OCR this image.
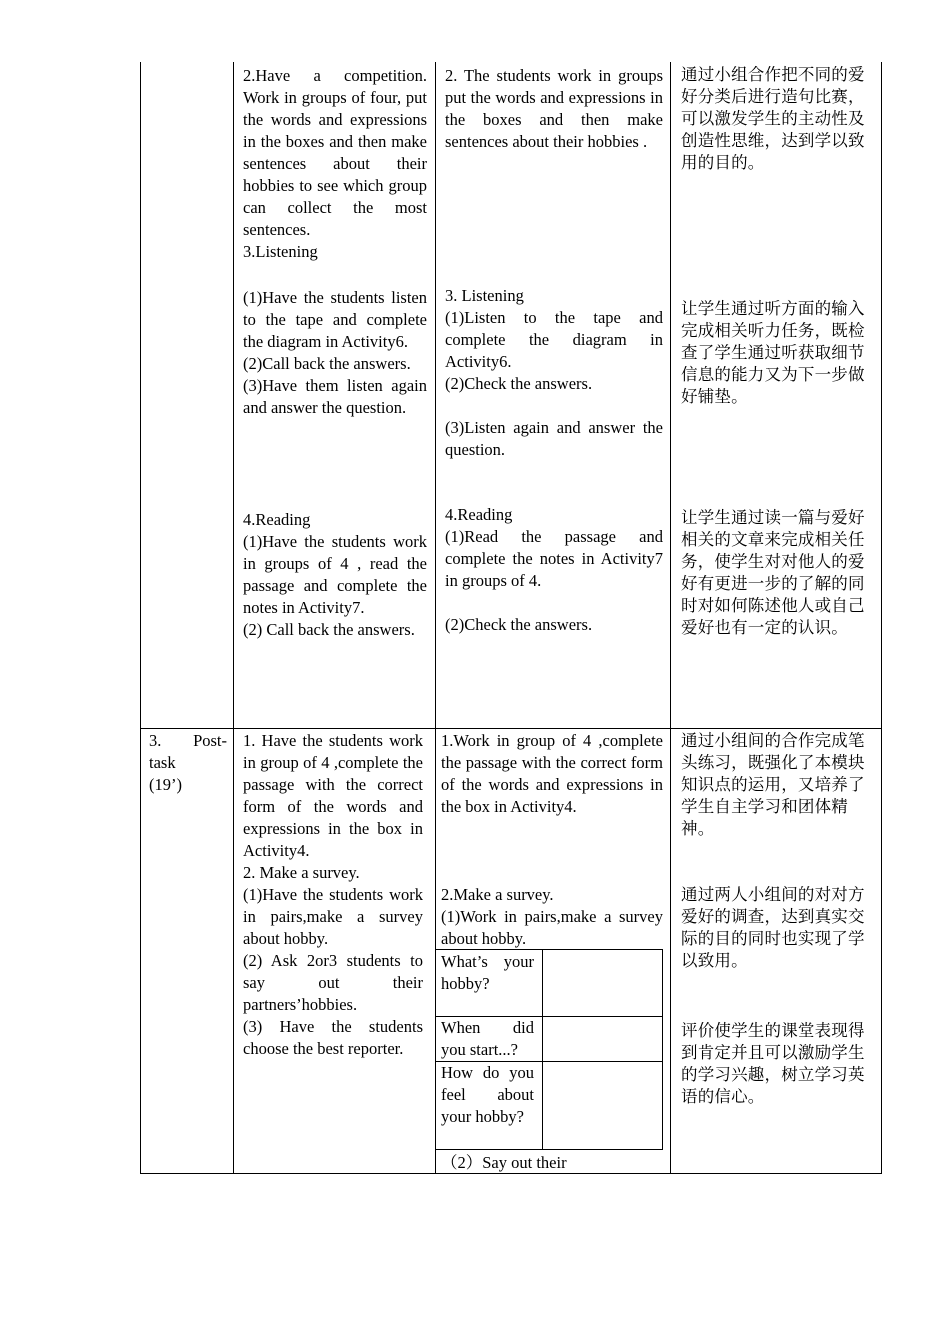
2.Have a competition. Work in groups of four, put the words and expressions in the boxes and then make sentences about their hobbies to see which group can collect the most sentences.

3.Listening

(1)Have the students listen to the tape and complete the diagram in Activity6.

(2)Call back the answers.

(3)Have them listen again and answer the question.

4.Reading

(1)Have the students work in groups of 4 , read the passage and complete the notes in Activity7.

(2) Call back the answers.

2. The students work in groups put the words and expressions in the boxes and then make sentences about their hobbies .

3. Listening

(1)Listen to the tape and complete the diagram in Activity6.

(2)Check the answers.

(3)Listen again and answer the question.

4.Reading

(1)Read the passage and complete the notes in Activity7 in groups of 4.

(2)Check the answers.

通过小组合作把不同的爱好分类后进行造句比赛，可以激发学生的主动性及创造性思维，达到学以致用的目的。

让学生通过听方面的输入完成相关听力任务，既检查了学生通过听获取细节信息的能力又为下一步做好铺垫。

让学生通过读一篇与爱好相关的文章来完成相关任务，使学生对对他人的爱好有更进一步的了解的同时对如何陈述他人或自己爱好也有一定的认识。

3. Post-
task
(19’)

1. Have the students work in group of 4 ,complete the passage with the correct form of the words and expressions in the box in Activity4.

2. Make a survey.

(1)Have the students work in pairs,make a survey about hobby.

(2) Ask 2or3 students to say out their partners’hobbies.

(3) Have the students choose the best reporter.

1.Work in group of 4 ,complete the passage with the correct form of the words and expressions in the box in Activity4.

2.Make a survey.

(1)Work in pairs,make a survey about hobby.

What’s your hobby?

When did you start...?

How do you feel about your hobby?

（2）Say out their

通过小组间的合作完成笔头练习，既强化了本模块知识点的运用，又培养了学生自主学习和团体精神。

通过两人小组间的对对方爱好的调查，达到真实交际的目的同时也实现了学以致用。

评价使学生的课堂表现得到肯定并且可以激励学生的学习兴趣，树立学习英语的信心。
